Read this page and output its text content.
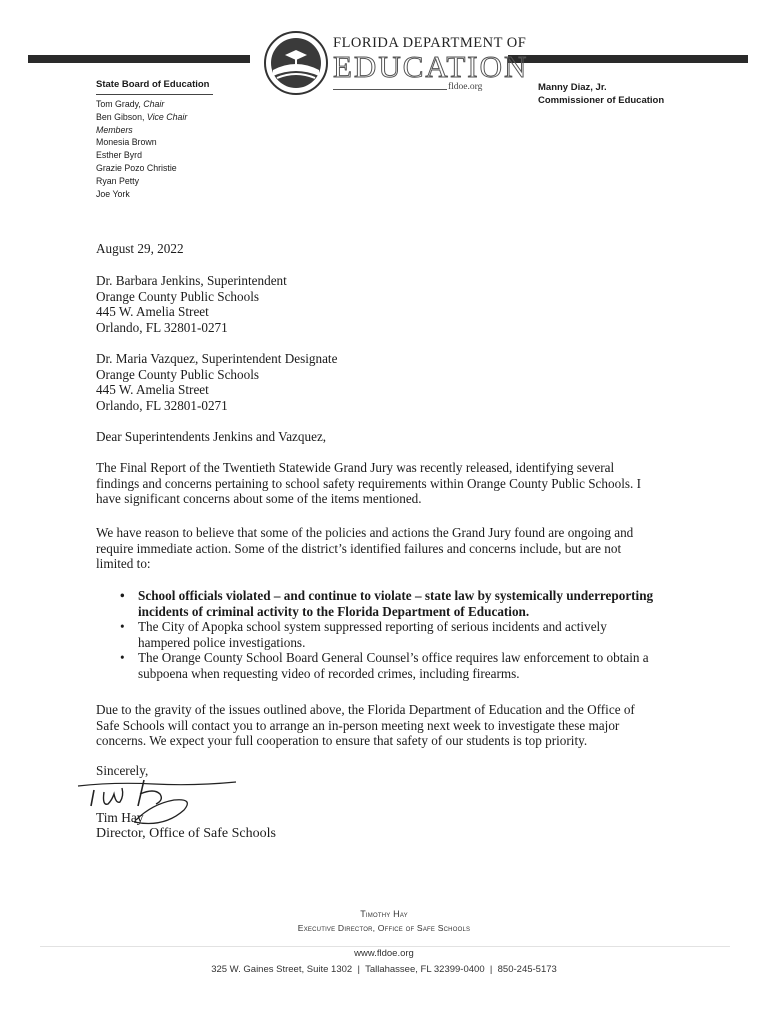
FLORIDA DEPARTMENT OF
EDUCATION
fldoe.org
State Board of Education
Tom Grady, Chair
Ben Gibson, Vice Chair
Members
Monesia Brown
Esther Byrd
Grazie Pozo Christie
Ryan Petty
Joe York
Manny Diaz, Jr.
Commissioner of Education
August 29, 2022
Dr. Barbara Jenkins, Superintendent
Orange County Public Schools
445 W. Amelia Street
Orlando, FL 32801-0271
Dr. Maria Vazquez, Superintendent Designate
Orange County Public Schools
445 W. Amelia Street
Orlando, FL 32801-0271
Dear Superintendents Jenkins and Vazquez,
The Final Report of the Twentieth Statewide Grand Jury was recently released, identifying several
findings and concerns pertaining to school safety requirements within Orange County Public Schools. I
have significant concerns about some of the items mentioned.
We have reason to believe that some of the policies and actions the Grand Jury found are ongoing and
require immediate action. Some of the district’s identified failures and concerns include, but are not
limited to:
• School officials violated – and continue to violate – state law by systemically underreporting
incidents of criminal activity to the Florida Department of Education.
• The City of Apopka school system suppressed reporting of serious incidents and actively
hampered police investigations.
• The Orange County School Board General Counsel’s office requires law enforcement to obtain a
subpoena when requesting video of recorded crimes, including firearms.
Due to the gravity of the issues outlined above, the Florida Department of Education and the Office of
Safe Schools will contact you to arrange an in-person meeting next week to investigate these major
concerns. We expect your full cooperation to ensure that safety of our students is top priority.
Sincerely,
Tim Hay
Director, Office of Safe Schools
Timothy Hay
Executive Director, Office of Safe Schools
www.fldoe.org
325 W. Gaines Street, Suite 1302 | Tallahassee, FL 32399-0400 | 850-245-5173
